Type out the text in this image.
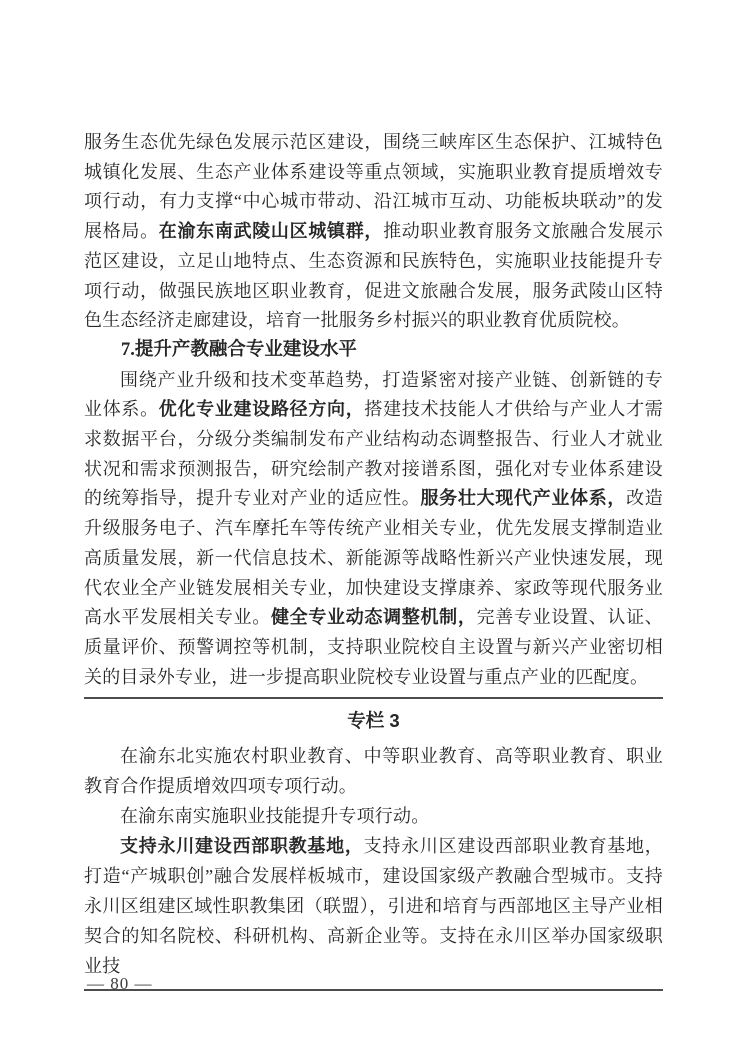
服务生态优先绿色发展示范区建设，围绕三峡库区生态保护、江城特色城镇化发展、生态产业体系建设等重点领域，实施职业教育提质增效专项行动，有力支撑“中心城市带动、沿江城市互动、功能板块联动”的发展格局。在渝东南武陵山区城镇群，推动职业教育服务文旅融合发展示范区建设，立足山地特点、生态资源和民族特色，实施职业技能提升专项行动，做强民族地区职业教育，促进文旅融合发展，服务武陵山区特色生态经济走廊建设，培育一批服务乡村振兴的职业教育优质院校。

7.提升产教融合专业建设水平

围绕产业升级和技术变革趋势，打造紧密对接产业链、创新链的专业体系。优化专业建设路径方向，搭建技术技能人才供给与产业人才需求数据平台，分级分类编制发布产业结构动态调整报告、行业人才就业状况和需求预测报告，研究绘制产教对接谱系图，强化对专业体系建设的统筹指导，提升专业对产业的适应性。服务壮大现代产业体系，改造升级服务电子、汽车摩托车等传统产业相关专业，优先发展支撑制造业高质量发展，新一代信息技术、新能源等战略性新兴产业快速发展，现代农业全产业链发展相关专业，加快建设支撑康养、家政等现代服务业高水平发展相关专业。健全专业动态调整机制，完善专业设置、认证、质量评价、预警调控等机制，支持职业院校自主设置与新兴产业密切相关的目录外专业，进一步提高职业院校专业设置与重点产业的匹配度。

专栏 3

在渝东北实施农村职业教育、中等职业教育、高等职业教育、职业教育合作提质增效四项专项行动。

在渝东南实施职业技能提升专项行动。

支持永川建设西部职教基地，支持永川区建设西部职业教育基地，打造“产城职创”融合发展样板城市，建设国家级产教融合型城市。支持永川区组建区域性职教集团（联盟），引进和培育与西部地区主导产业相契合的知名院校、科研机构、高新企业等。支持在永川区举办国家级职业技

— 80 —
